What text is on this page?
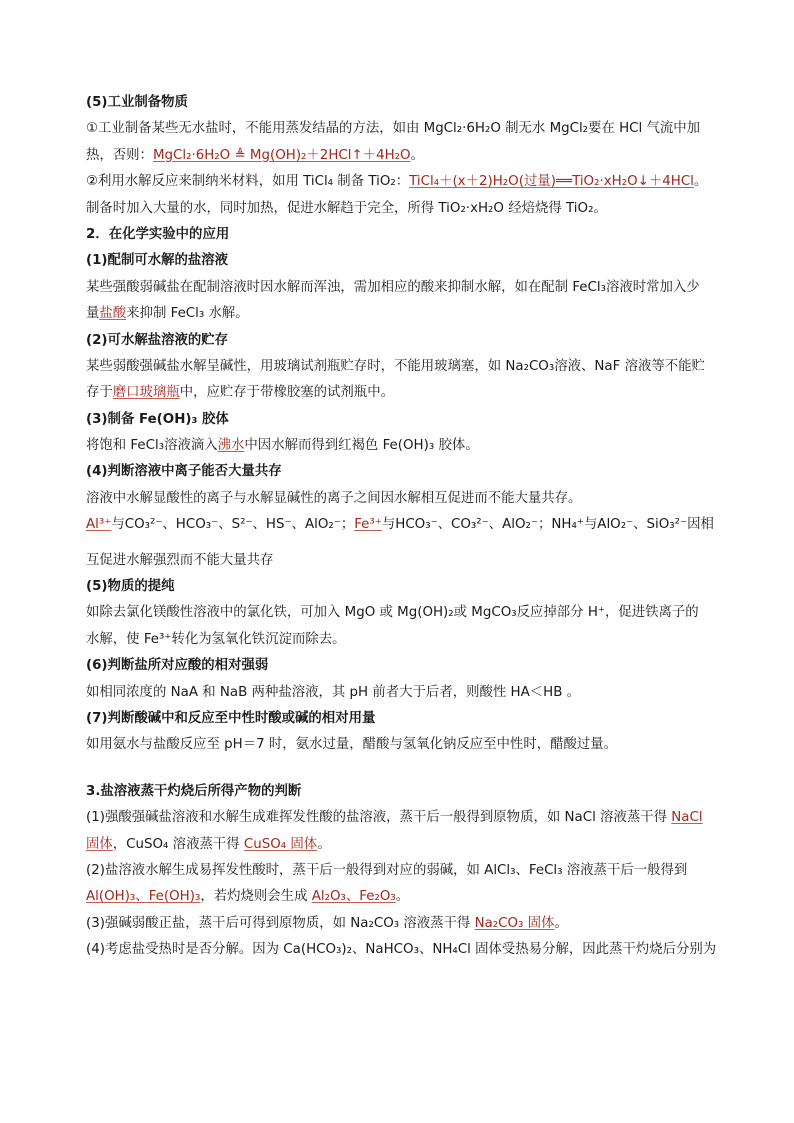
(5)工业制备物质
①工业制备某些无水盐时，不能用蒸发结晶的方法，如由 MgCl₂·6H₂O 制无水 MgCl₂要在 HCl 气流中加
热，否则：MgCl₂·6H₂O ≜ Mg(OH)₂＋2HCl↑＋4H₂O。
②利用水解反应来制纳米材料，如用 TiCl₄ 制备 TiO₂：TiCl₄＋(x＋2)H₂O(过量)══TiO₂·xH₂O↓＋4HCl。
制备时加入大量的水，同时加热，促进水解趋于完全，所得 TiO₂·xH₂O 经焙烧得 TiO₂。
2．在化学实验中的应用
(1)配制可水解的盐溶液
某些强酸弱碱盐在配制溶液时因水解而浑浊，需加相应的酸来抑制水解，如在配制 FeCl₃溶液时常加入少
量盐酸来抑制 FeCl₃ 水解。
(2)可水解盐溶液的贮存
某些弱酸强碱盐水解呈碱性，用玻璃试剂瓶贮存时，不能用玻璃塞，如 Na₂CO₃溶液、NaF 溶液等不能贮
存于磨口玻璃瓶中，应贮存于带橡胶塞的试剂瓶中。
(3)制备 Fe(OH)₃ 胶体
将饱和 FeCl₃溶液滴入沸水中因水解而得到红褐色 Fe(OH)₃ 胶体。
(4)判断溶液中离子能否大量共存
溶液中水解显酸性的离子与水解显碱性的离子之间因水解相互促进而不能大量共存。
Al³⁺与CO₃²⁻、HCO₃⁻、S²⁻、HS⁻、AlO₂⁻；Fe³⁺与HCO₃⁻、CO₃²⁻、AlO₂⁻；NH₄⁺与AlO₂⁻、SiO₃²⁻因相
互促进水解强烈而不能大量共存
(5)物质的提纯
如除去氯化镁酸性溶液中的氯化铁，可加入 MgO 或 Mg(OH)₂或 MgCO₃反应掉部分 H⁺，促进铁离子的
水解，使 Fe³⁺转化为氢氧化铁沉淀而除去。
(6)判断盐所对应酸的相对强弱
如相同浓度的 NaA 和 NaB 两种盐溶液，其 pH 前者大于后者，则酸性 HA＜HB 。
(7)判断酸碱中和反应至中性时酸或碱的相对用量
如用氨水与盐酸反应至 pH＝7 时，氨水过量，醋酸与氢氧化钠反应至中性时，醋酸过量。
3.盐溶液蒸干灼烧后所得产物的判断
(1)强酸强碱盐溶液和水解生成难挥发性酸的盐溶液，蒸干后一般得到原物质，如 NaCl 溶液蒸干得 NaCl
固体，CuSO₄ 溶液蒸干得 CuSO₄ 固体。
(2)盐溶液水解生成易挥发性酸时，蒸干后一般得到对应的弱碱，如 AlCl₃、FeCl₃ 溶液蒸干后一般得到
Al(OH)₃、Fe(OH)₃，若灼烧则会生成 Al₂O₃、Fe₂O₃。
(3)强碱弱酸正盐，蒸干后可得到原物质，如 Na₂CO₃ 溶液蒸干得 Na₂CO₃ 固体。
(4)考虑盐受热时是否分解。因为 Ca(HCO₃)₂、NaHCO₃、NH₄Cl 固体受热易分解，因此蒸干灼烧后分别为
